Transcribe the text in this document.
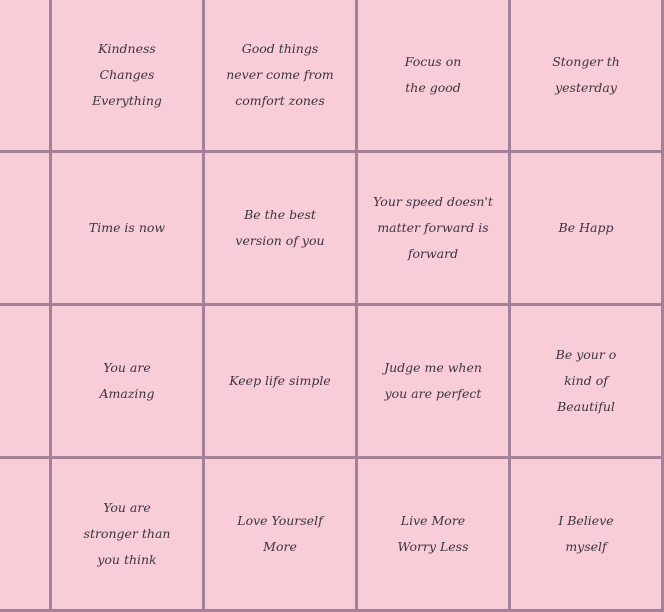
Kindness
Changes
Everything
Good things
never come from
comfort zones
Focus on
the good
Stonger th
yesterday
Time is now
Be the best
version of you
Your speed doesn't
matter forward is
forward
Be Happ
You are
Amazing
Keep life simple
Judge me when
you are perfect
Be your o
kind of
Beautiful
You are
stronger than
you think
Love Yourself
More
Live More
Worry Less
I Believe
myself
